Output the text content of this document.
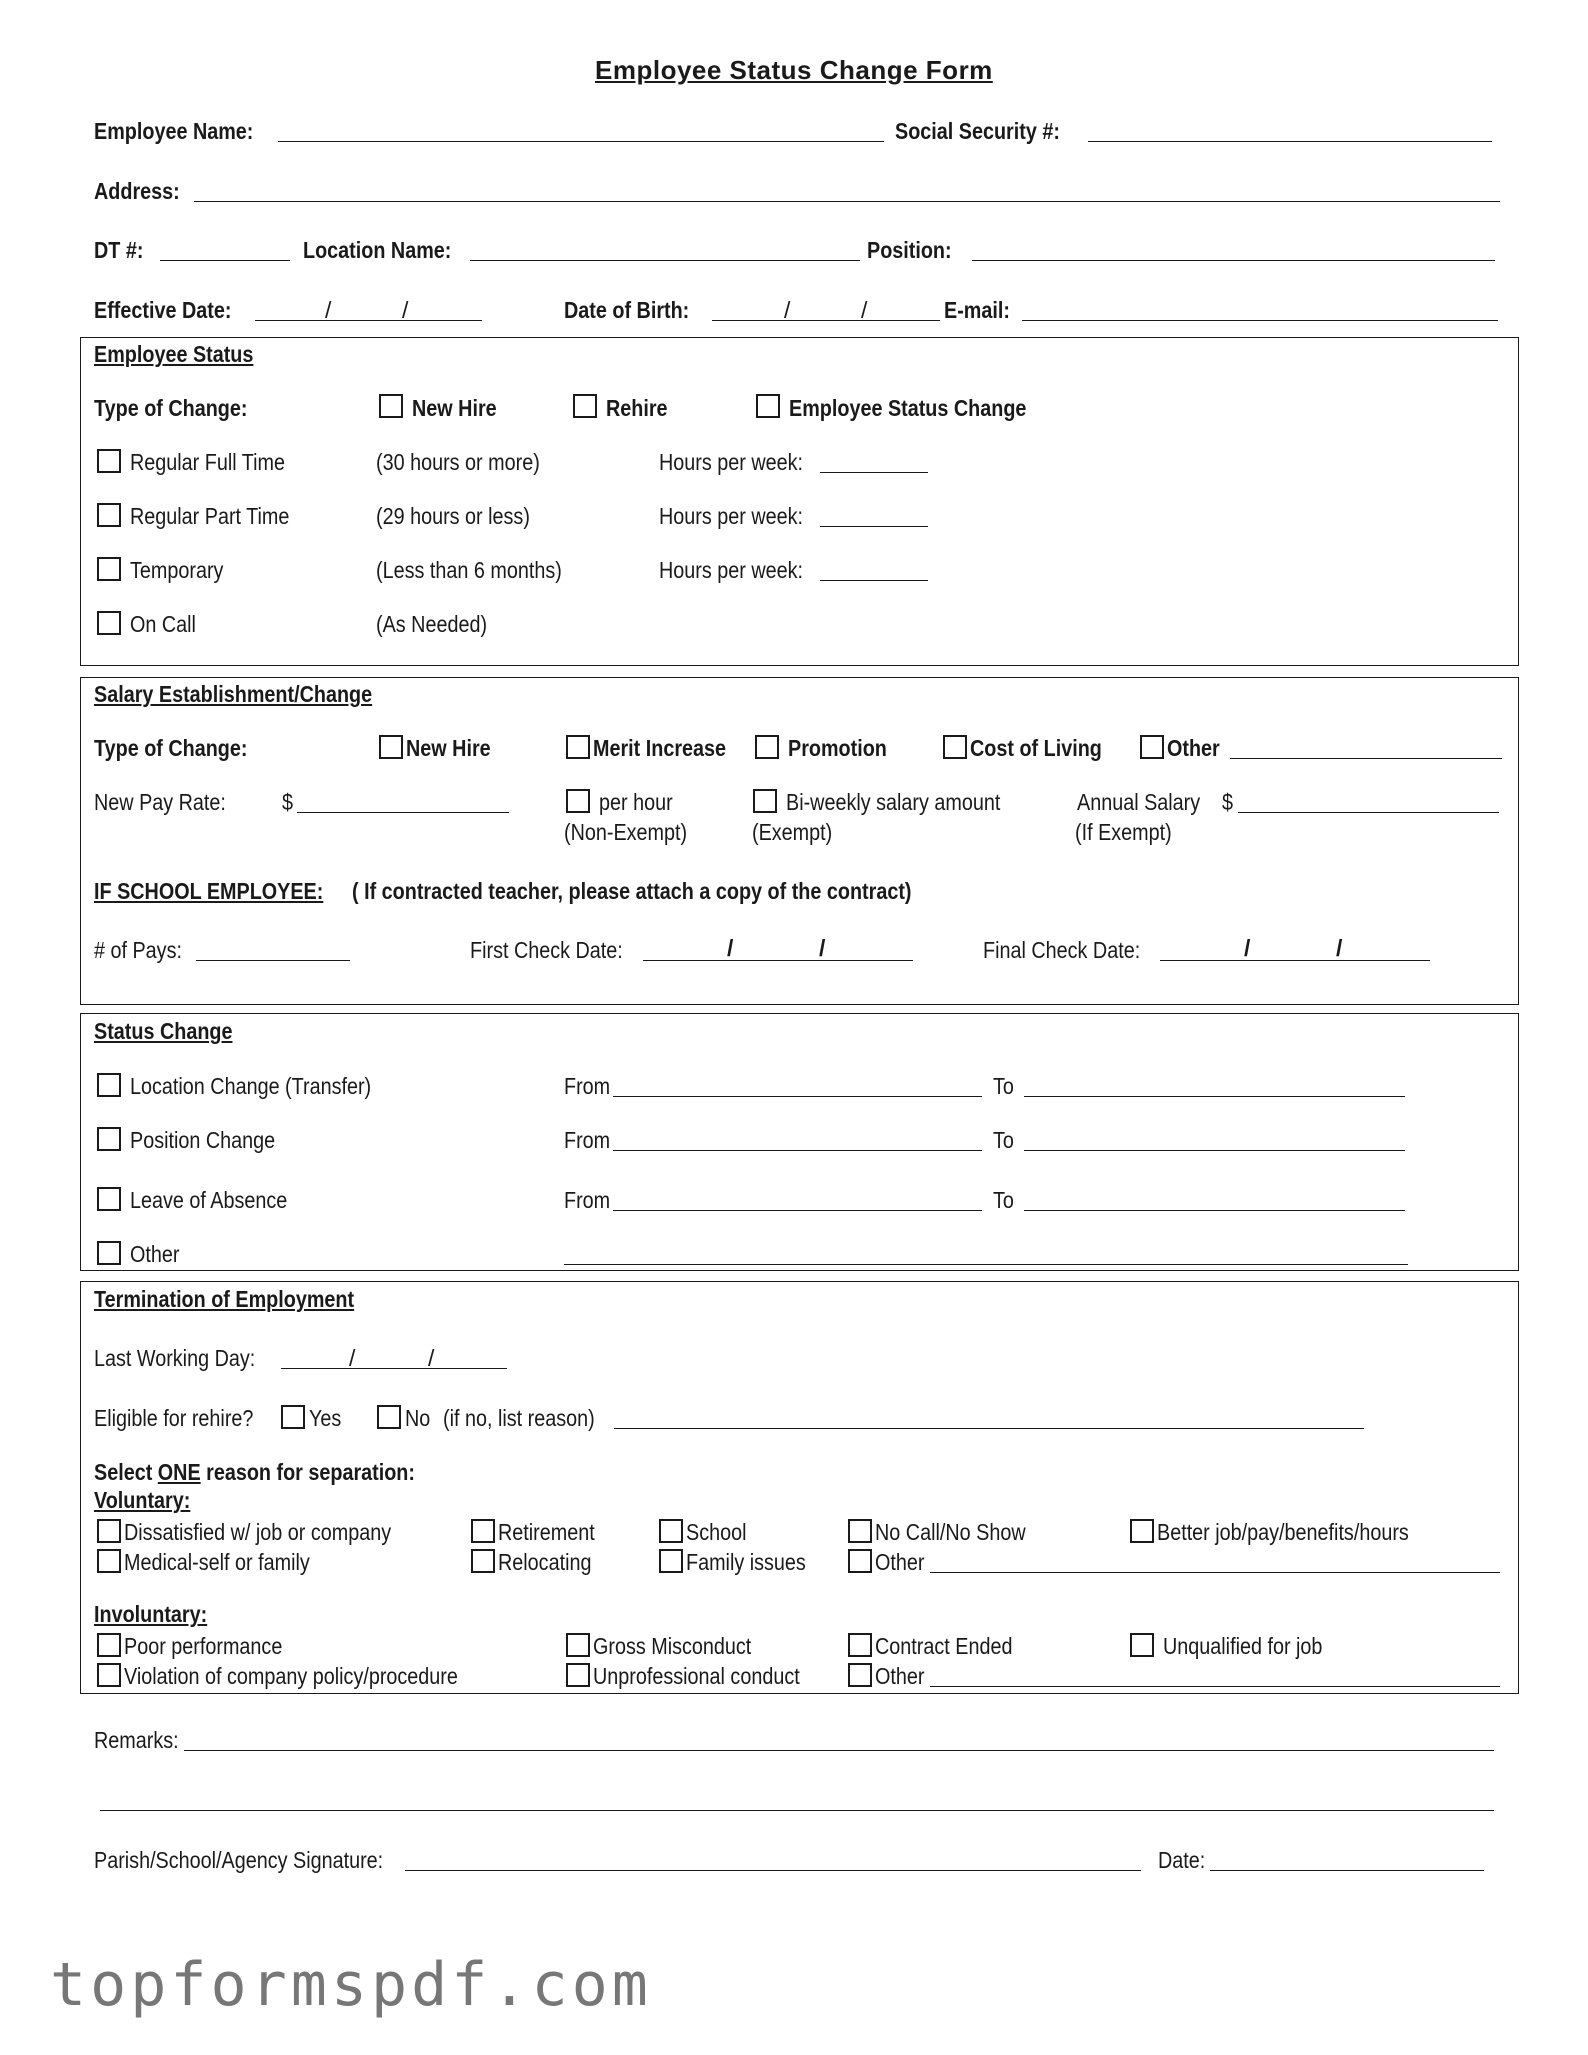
Employee Status Change Form
Employee Name:	Social Security #:
Address:
DT #:	Location Name:	Position:
Effective Date:	/	/	Date of Birth:	/	/	E-mail:
Employee Status
Type of Change:	New Hire	Rehire	Employee Status Change
Regular Full Time	(30 hours or more)	Hours per week:
Regular Part Time	(29 hours or less)	Hours per week:
Temporary	(Less than 6 months)	Hours per week:
On Call	(As Needed)
Salary Establishment/Change
Type of Change:	New Hire	Merit Increase	Promotion	Cost of Living	Other
New Pay Rate: $	per hour
(Non-Exempt)
Bi-weekly salary amount
(Exempt)
Annual Salary $
(If Exempt)
IF SCHOOL EMPLOYEE: ( If contracted teacher, please attach a copy of the contract)
# of Pays:	First Check Date:	/	/	Final Check Date:	/	/
Status Change
Location Change (Transfer)	From	To
Position Change	From	To
Leave of Absence	From	To
Other
Termination of Employment
Last Working Day:	/	/
Eligible for rehire? Yes	No (if no, list reason)
Select ONE reason for separation:
Voluntary:
Dissatisfied w/ job or company	Retirement	School	No Call/No Show	Better job/pay/benefits/hours
Medical-self or family	Relocating	Family issues	Other
Involuntary:
Poor performance	Gross Misconduct	Contract Ended	Unqualified for job
Violation of company policy/procedure	Unprofessional conduct	Other
Remarks:
Parish/School/Agency Signature:	Date:
topformspdf.com
